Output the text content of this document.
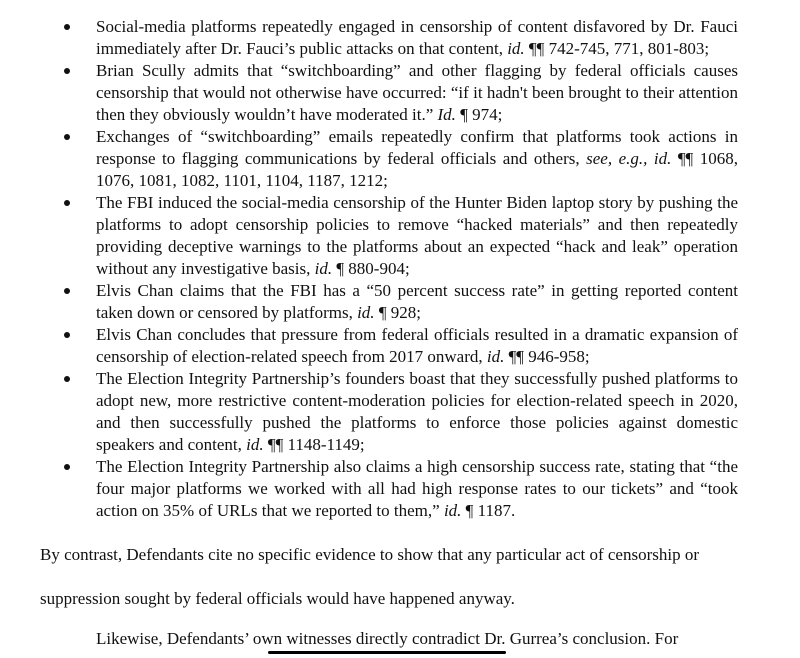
Social-media platforms repeatedly engaged in censorship of content disfavored by Dr. Fauci immediately after Dr. Fauci’s public attacks on that content, id. ¶¶ 742-745, 771, 801-803;
Brian Scully admits that “switchboarding” and other flagging by federal officials causes censorship that would not otherwise have occurred: “if it hadn't been brought to their attention then they obviously wouldn’t have moderated it.” Id. ¶ 974;
Exchanges of “switchboarding” emails repeatedly confirm that platforms took actions in response to flagging communications by federal officials and others, see, e.g., id. ¶¶ 1068, 1076, 1081, 1082, 1101, 1104, 1187, 1212;
The FBI induced the social-media censorship of the Hunter Biden laptop story by pushing the platforms to adopt censorship policies to remove “hacked materials” and then repeatedly providing deceptive warnings to the platforms about an expected “hack and leak” operation without any investigative basis, id. ¶ 880-904;
Elvis Chan claims that the FBI has a “50 percent success rate” in getting reported content taken down or censored by platforms, id. ¶ 928;
Elvis Chan concludes that pressure from federal officials resulted in a dramatic expansion of censorship of election-related speech from 2017 onward, id. ¶¶ 946-958;
The Election Integrity Partnership’s founders boast that they successfully pushed platforms to adopt new, more restrictive content-moderation policies for election-related speech in 2020, and then successfully pushed the platforms to enforce those policies against domestic speakers and content, id. ¶¶ 1148-1149;
The Election Integrity Partnership also claims a high censorship success rate, stating that “the four major platforms we worked with all had high response rates to our tickets” and “took action on 35% of URLs that we reported to them,” id. ¶ 1187.
By contrast, Defendants cite no specific evidence to show that any particular act of censorship or
suppression sought by federal officials would have happened anyway.
Likewise, Defendants’ own witnesses directly contradict Dr. Gurrea’s conclusion. For
